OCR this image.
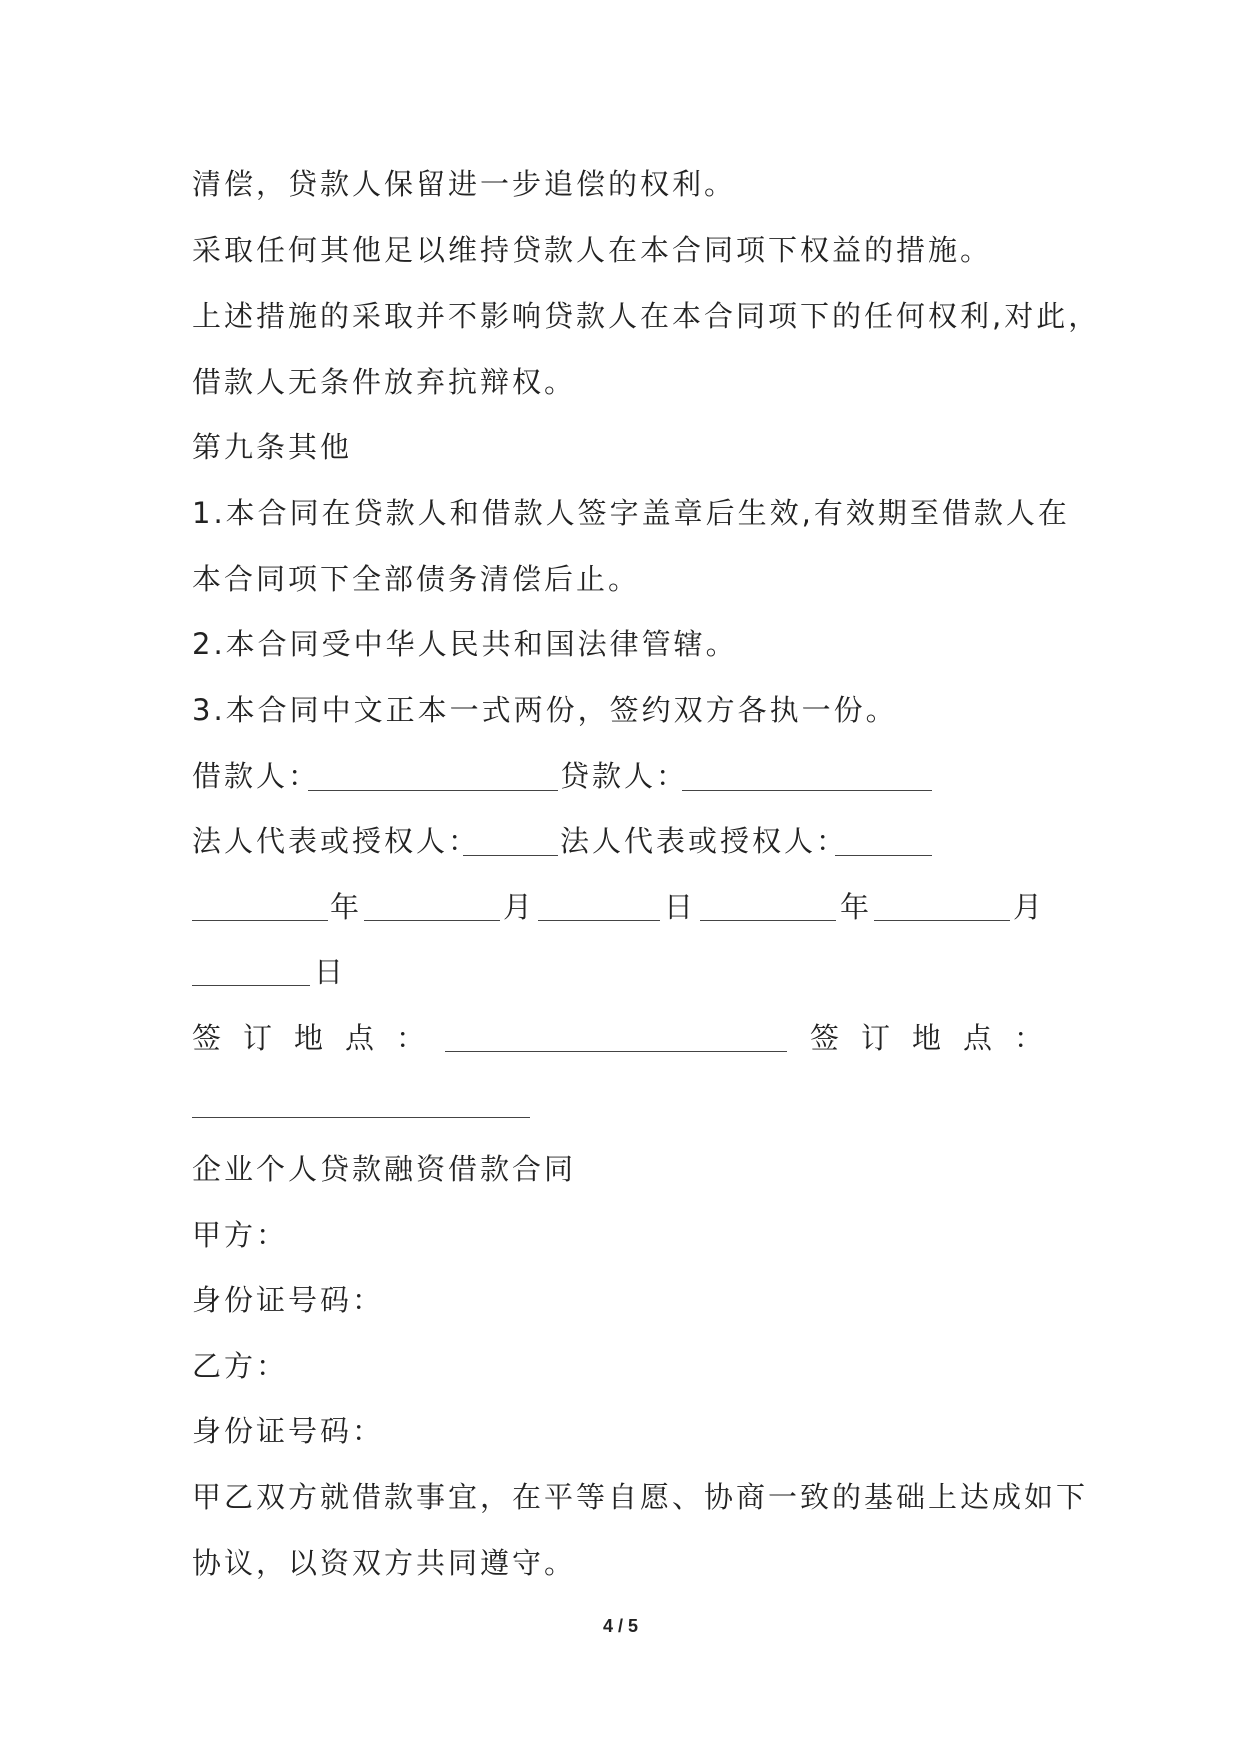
清偿，贷款人保留进一步追偿的权利。
采取任何其他足以维持贷款人在本合同项下权益的措施。
上述措施的采取并不影响贷款人在本合同项下的任何权利,对此，
借款人无条件放弃抗辩权。
第九条其他
1.本合同在贷款人和借款人签字盖章后生效,有效期至借款人在
本合同项下全部债务清偿后止。
2.本合同受中华人民共和国法律管辖。
3.本合同中文正本一式两份，签约双方各执一份。
借款人：	贷款人：
法人代表或授权人：	法人代表或授权人：
年	月	日	年	月
日
签订地点：	签订地点：
企业个人贷款融资借款合同
甲方：
身份证号码：
乙方：
身份证号码：
甲乙双方就借款事宜，在平等自愿、协商一致的基础上达成如下
协议，以资双方共同遵守。
4 / 5
